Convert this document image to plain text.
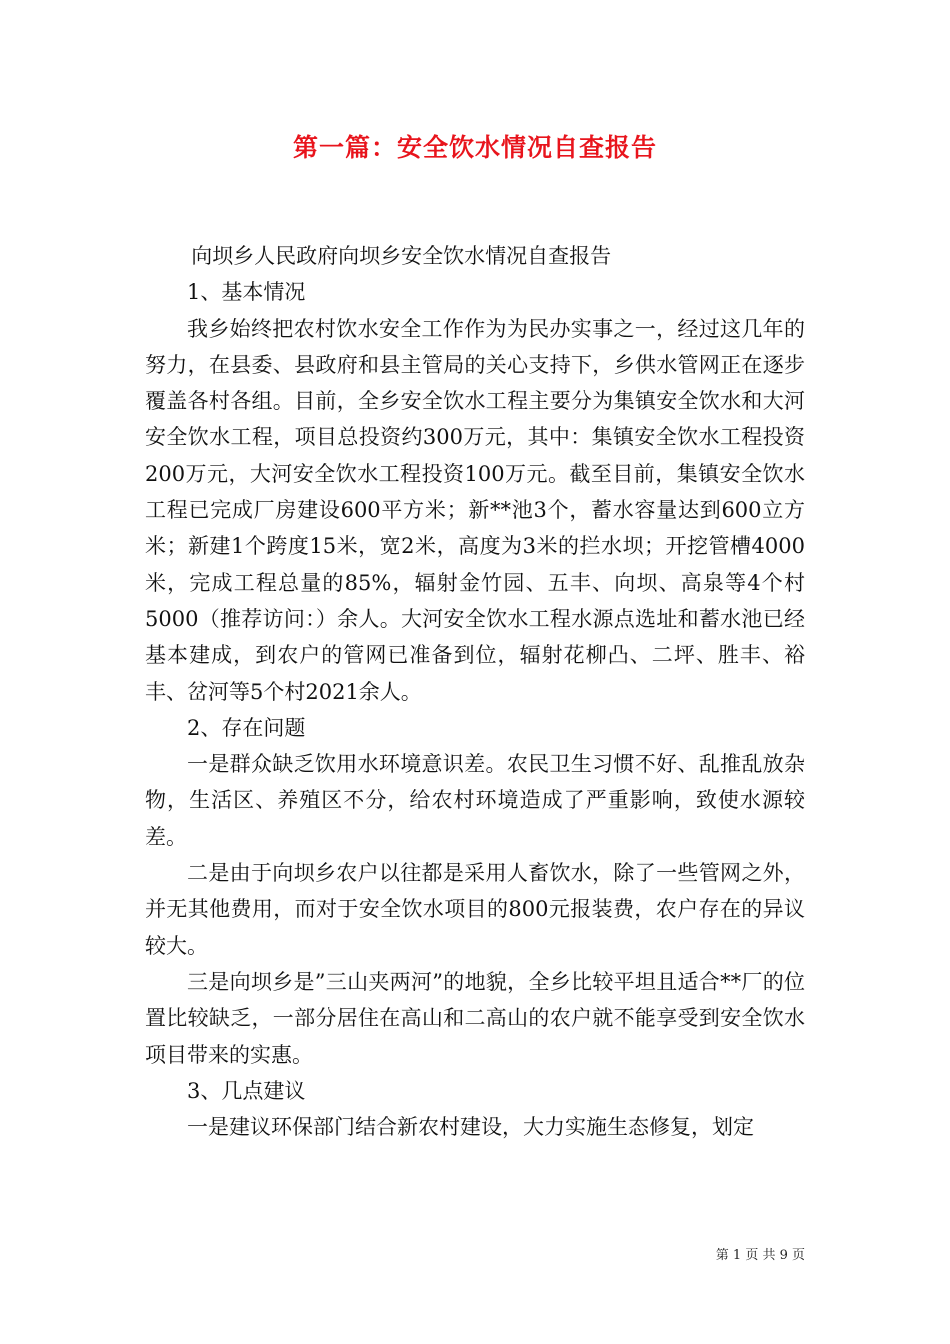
第一篇：安全饮水情况自查报告

向坝乡人民政府向坝乡安全饮水情况自查报告

1、基本情况

我乡始终把农村饮水安全工作作为为民办实事之一，经过这几年的努力，在县委、县政府和县主管局的关心支持下，乡供水管网正在逐步覆盖各村各组。目前，全乡安全饮水工程主要分为集镇安全饮水和大河安全饮水工程，项目总投资约300万元，其中：集镇安全饮水工程投资200万元，大河安全饮水工程投资100万元。截至目前，集镇安全饮水工程已完成厂房建设600平方米；新**池3个，蓄水容量达到600立方米；新建1个跨度15米，宽2米，高度为3米的拦水坝；开挖管槽4000米，完成工程总量的85%，辐射金竹园、五丰、向坝、高泉等4个村5000（推荐访问：）余人。大河安全饮水工程水源点选址和蓄水池已经基本建成，到农户的管网已准备到位，辐射花柳凸、二坪、胜丰、裕丰、岔河等5个村2021余人。

2、存在问题

一是群众缺乏饮用水环境意识差。农民卫生习惯不好、乱推乱放杂物，生活区、养殖区不分，给农村环境造成了严重影响，致使水源较差。

二是由于向坝乡农户以往都是采用人畜饮水，除了一些管网之外，并无其他费用，而对于安全饮水项目的800元报装费，农户存在的异议较大。

三是向坝乡是”三山夹两河”的地貌，全乡比较平坦且适合**厂的位置比较缺乏，一部分居住在高山和二高山的农户就不能享受到安全饮水项目带来的实惠。

3、几点建议

一是建议环保部门结合新农村建设，大力实施生态修复，划定

第 1 页 共 9 页
